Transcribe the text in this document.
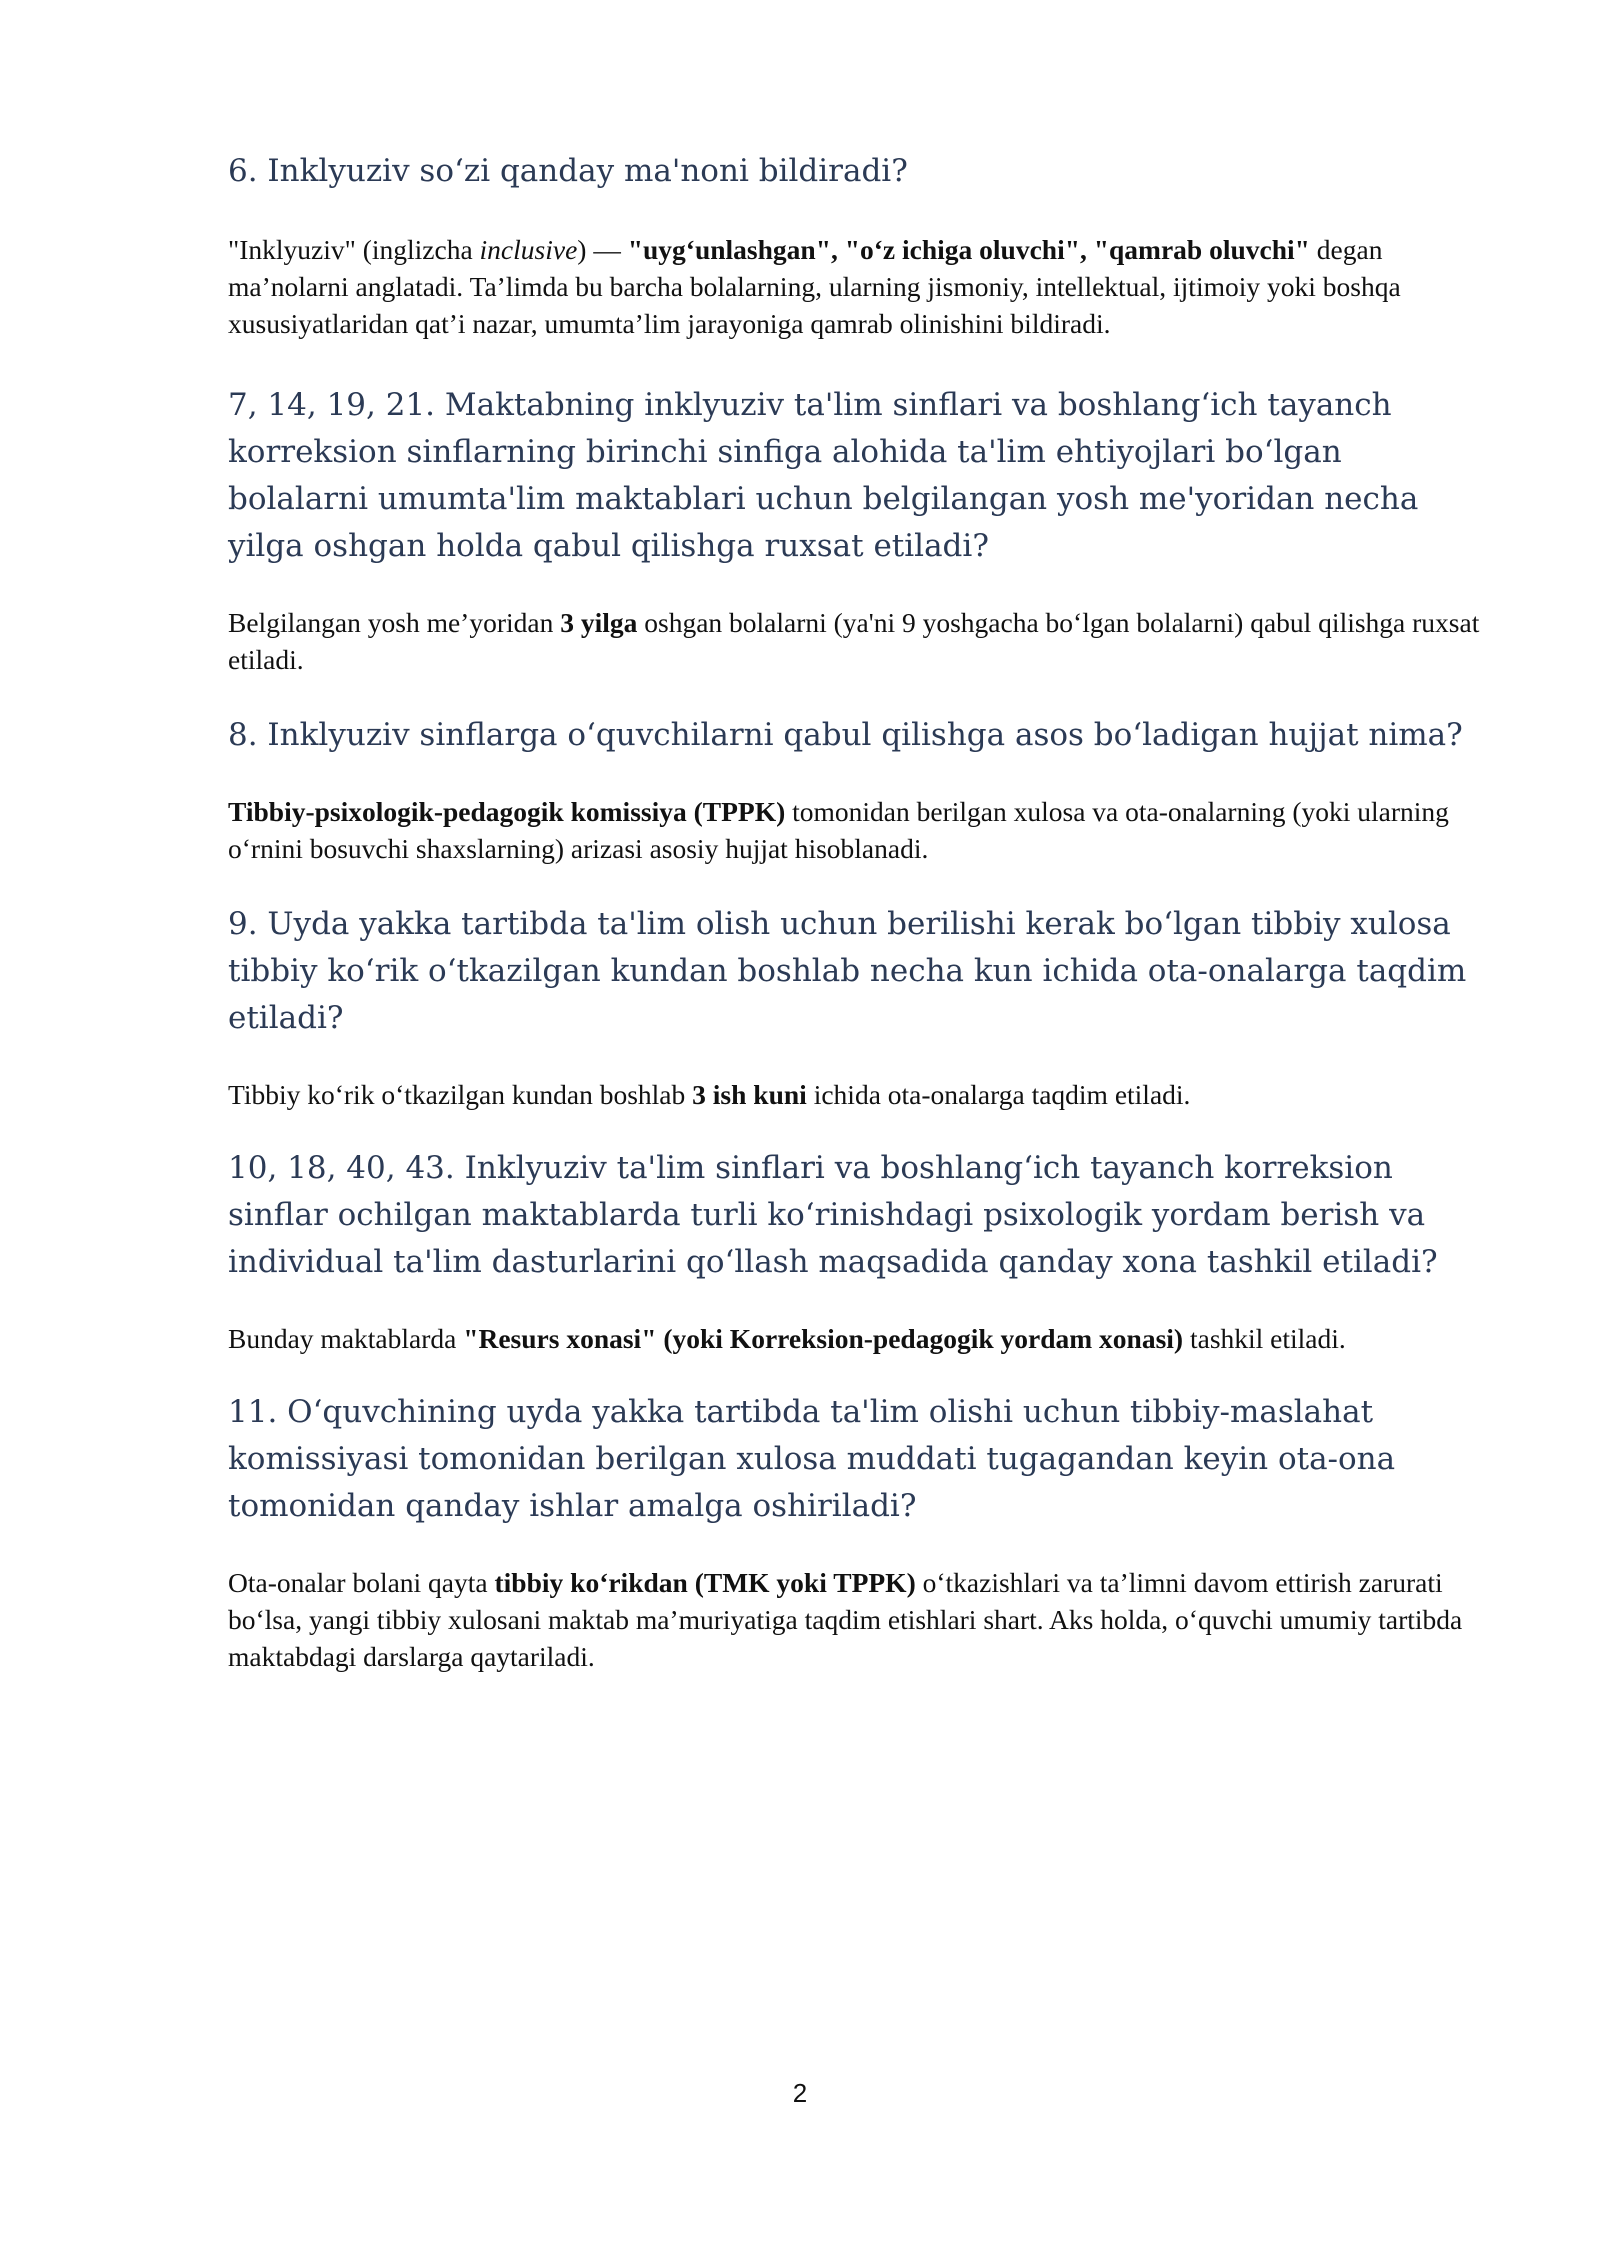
6. Inklyuziv so‘zi qanday ma'noni bildiradi?

"Inklyuziv" (inglizcha inclusive) — "uyg‘unlashgan", "o‘z ichiga oluvchi", "qamrab oluvchi" degan ma’nolarni anglatadi. Ta’limda bu barcha bolalarning, ularning jismoniy, intellektual, ijtimoiy yoki boshqa xususiyatlaridan qat’i nazar, umumta’lim jarayoniga qamrab olinishini bildiradi.

7, 14, 19, 21. Maktabning inklyuziv ta'lim sinflari va boshlang‘ich tayanch korreksion sinflarning birinchi sinfiga alohida ta'lim ehtiyojlari bo‘lgan bolalarni umumta'lim maktablari uchun belgilangan yosh me'yoridan necha yilga oshgan holda qabul qilishga ruxsat etiladi?

Belgilangan yosh me’yoridan 3 yilga oshgan bolalarni (ya'ni 9 yoshgacha bo‘lgan bolalarni) qabul qilishga ruxsat etiladi.

8. Inklyuziv sinflarga o‘quvchilarni qabul qilishga asos bo‘ladigan hujjat nima?

Tibbiy-psixologik-pedagogik komissiya (TPPK) tomonidan berilgan xulosa va ota-onalarning (yoki ularning o‘rnini bosuvchi shaxslarning) arizasi asosiy hujjat hisoblanadi.

9. Uyda yakka tartibda ta'lim olish uchun berilishi kerak bo‘lgan tibbiy xulosa tibbiy ko‘rik o‘tkazilgan kundan boshlab necha kun ichida ota-onalarga taqdim etiladi?

Tibbiy ko‘rik o‘tkazilgan kundan boshlab 3 ish kuni ichida ota-onalarga taqdim etiladi.

10, 18, 40, 43. Inklyuziv ta'lim sinflari va boshlang‘ich tayanch korreksion sinflar ochilgan maktablarda turli ko‘rinishdagi psixologik yordam berish va individual ta'lim dasturlarini qo‘llash maqsadida qanday xona tashkil etiladi?

Bunday maktablarda "Resurs xonasi" (yoki Korreksion-pedagogik yordam xonasi) tashkil etiladi.

11. O‘quvchining uyda yakka tartibda ta'lim olishi uchun tibbiy-maslahat komissiyasi tomonidan berilgan xulosa muddati tugagandan keyin ota-ona tomonidan qanday ishlar amalga oshiriladi?

Ota-onalar bolani qayta tibbiy ko‘rikdan (TMK yoki TPPK) o‘tkazishlari va ta’limni davom ettirish zarurati bo‘lsa, yangi tibbiy xulosani maktab ma’muriyatiga taqdim etishlari shart. Aks holda, o‘quvchi umumiy tartibda maktabdagi darslarga qaytariladi.

2
